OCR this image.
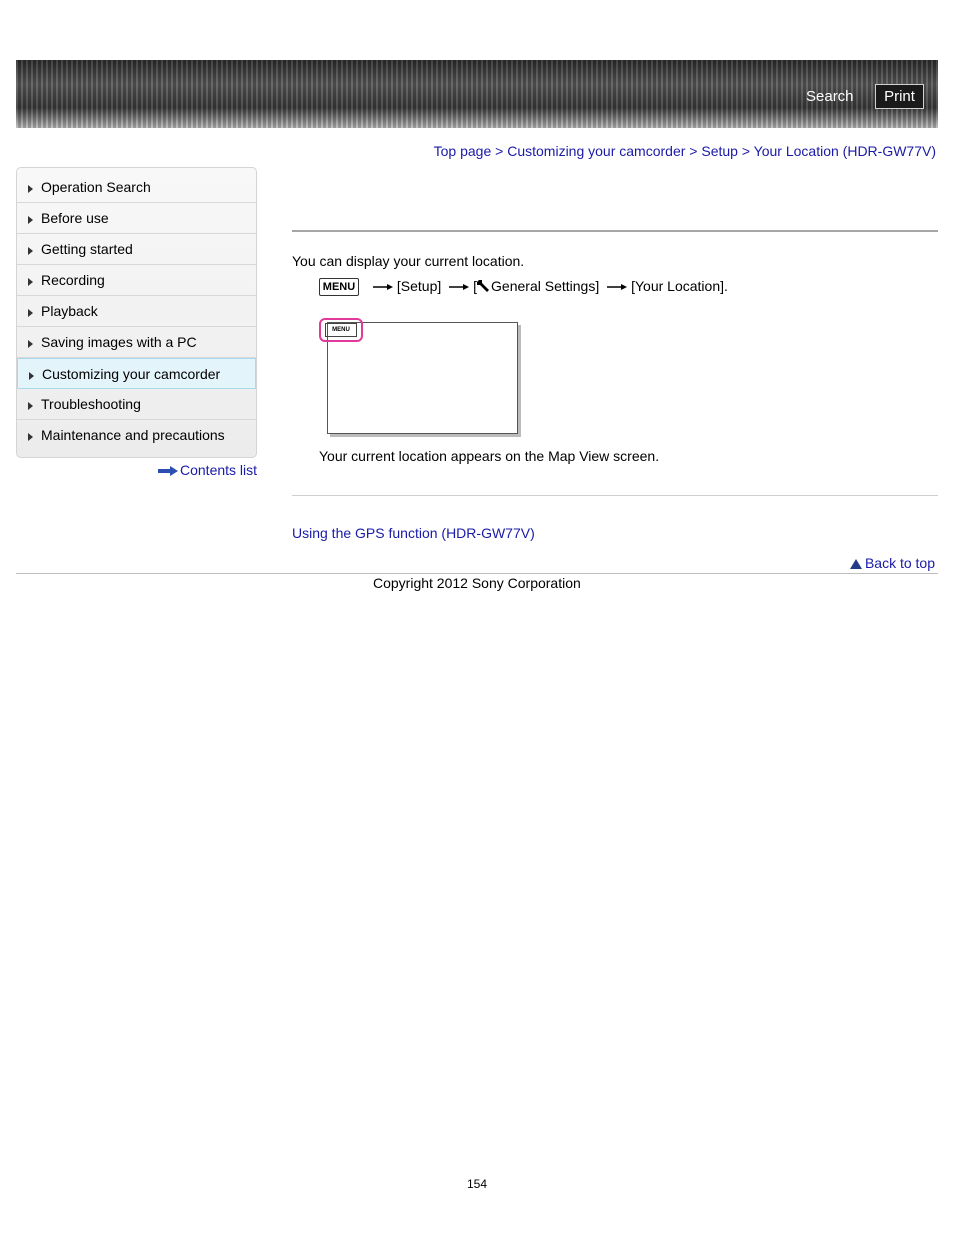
Search	Print
Top page > Customizing your camcorder > Setup > Your Location (HDR-GW77V)
Operation Search
Before use
Getting started
Recording
Playback
Saving images with a PC
Customizing your camcorder
Troubleshooting
Maintenance and precautions
Contents list
You can display your current location.
MENU	[Setup] [ General Settings] [Your Location].
MENU
Your current location appears on the Map View screen.
Using the GPS function (HDR-GW77V)
Back to top
Copyright 2012 Sony Corporation
154
